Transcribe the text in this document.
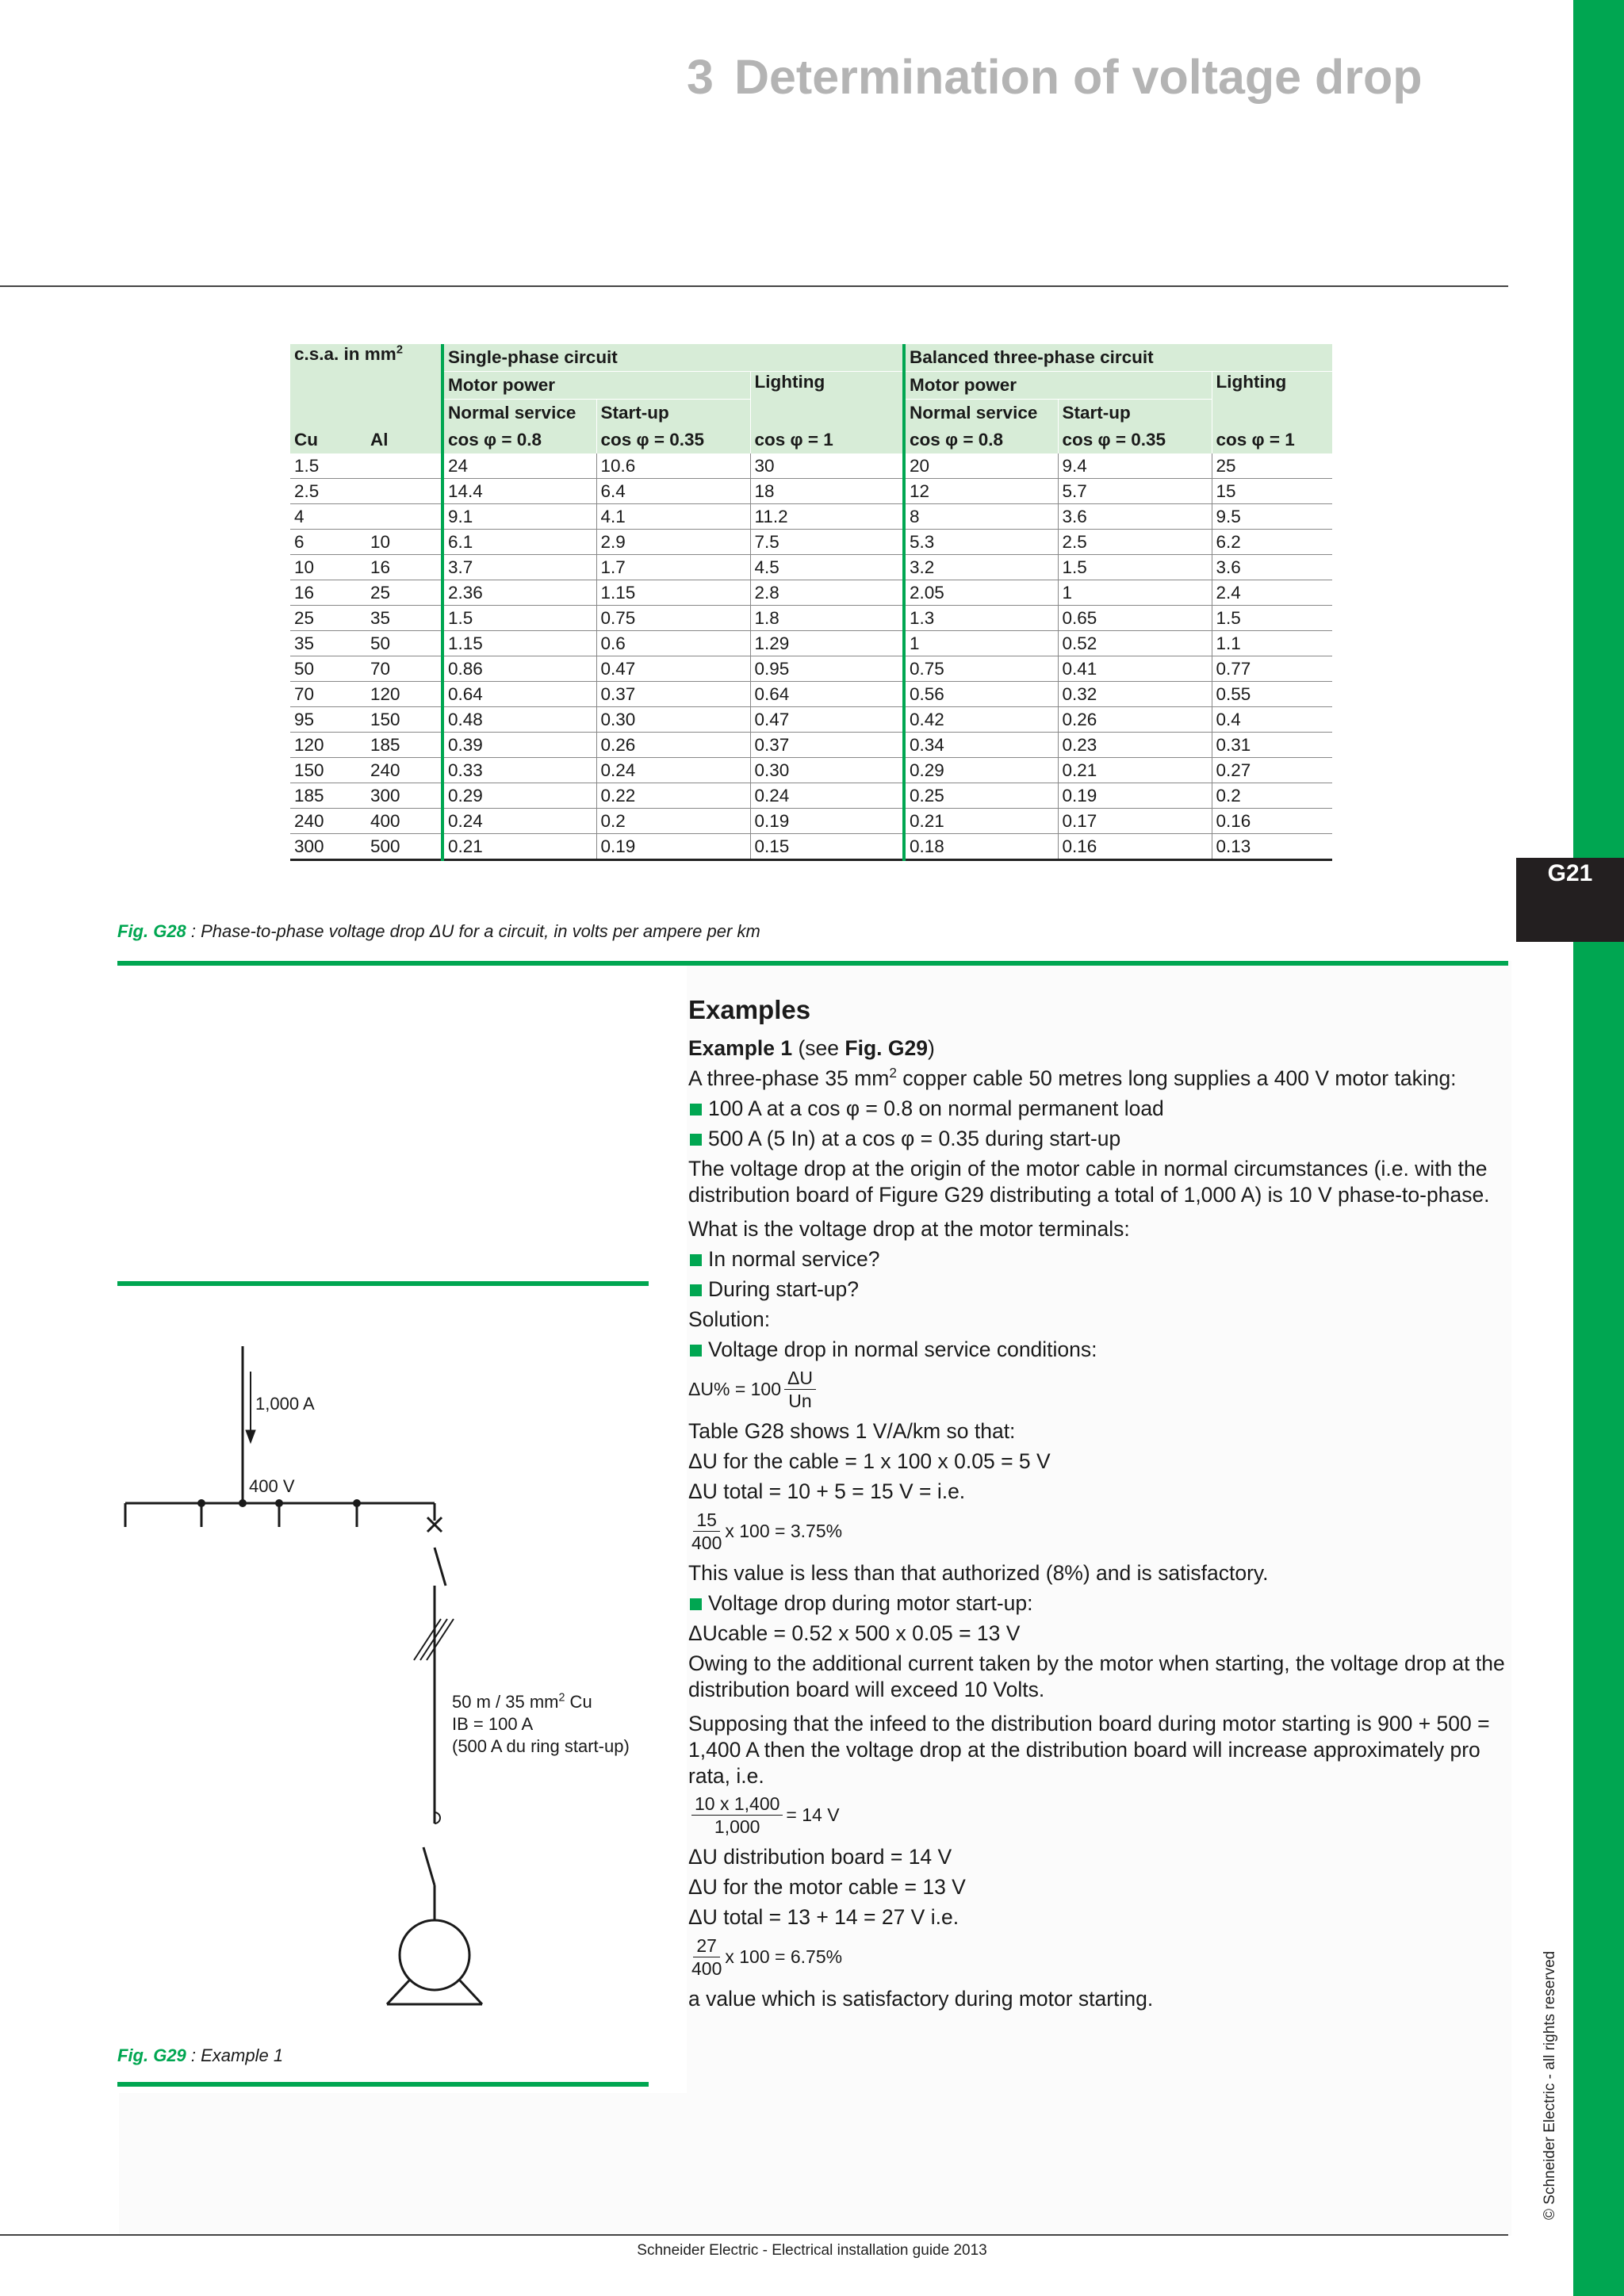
G21
© Schneider Electric - all rights reserved
3 Determination of voltage drop
c.s.a. in $mm^2$		Single-phase circuit			Balanced three-phase circuit		
		Motor power		Lighting	Motor power		Lighting
		Normal service	Start-up		Normal service	Start-up	
Cu	Al	cos φ = 0.8	cos φ = 0.35	cos φ = 1	cos φ = 0.8	cos φ = 0.35	cos φ = 1
1.5		24	10.6	30	20	9.4	25
2.5		14.4	6.4	18	12	5.7	15
4		9.1	4.1	11.2	8	3.6	9.5
6	10	6.1	2.9	7.5	5.3	2.5	6.2
10	16	3.7	1.7	4.5	3.2	1.5	3.6
16	25	2.36	1.15	2.8	2.05	1	2.4
25	35	1.5	0.75	1.8	1.3	0.65	1.5
35	50	1.15	0.6	1.29	1	0.52	1.1
50	70	0.86	0.47	0.95	0.75	0.41	0.77
70	120	0.64	0.37	0.64	0.56	0.32	0.55
95	150	0.48	0.30	0.47	0.42	0.26	0.4
120	185	0.39	0.26	0.37	0.34	0.23	0.31
150	240	0.33	0.24	0.30	0.29	0.21	0.27
185	300	0.29	0.22	0.24	0.25	0.19	0.2
240	400	0.24	0.2	0.19	0.21	0.17	0.16
300	500	0.21	0.19	0.15	0.18	0.16	0.13
Fig. G28 : Phase-to-phase voltage drop ΔU for a circuit, in volts per ampere per km
1,000 A
400 V
50 m / 35 $mm^2$ Cu
IB = 100 A
(500 A du ring start-up)
Fig. G29 : Example 1

Examples

Example 1 (see Fig. G29)
A three-phase 35 $mm^2$ copper cable 50 metres long supplies a 400 V motor taking:
100 A at a cos φ = 0.8 on normal permanent load
500 A (5 In) at a cos φ = 0.35 during start-up

The voltage drop at the origin of the motor cable in normal circumstances (i.e. with the distribution board of Figure G29 distributing a total of 1,000 A) is 10 V phase-to-phase.

What is the voltage drop at the motor terminals:
In normal service?
During start-up?
Solution:
Voltage drop in normal service conditions:
$\Delta U\% = 100 \frac{\Delta U}{Un}$
Table G28 shows 1 V/A/km so that:
ΔU for the cable = 1 x 100 x 0.05 = 5 V
ΔU total = 10 + 5 = 15 V = i.e.
$\frac{15}{400}$ x 100 = 3.75%
This value is less than that authorized (8%) and is satisfactory.
Voltage drop during motor start-up:
ΔUcable = 0.52 x 500 x 0.05 = 13 V

Owing to the additional current taken by the motor when starting, the voltage drop at the distribution board will exceed 10 Volts.

Supposing that the infeed to the distribution board during motor starting is 900 + 500 = 1,400 A then the voltage drop at the distribution board will increase approximately pro rata, i.e.

$\frac{10 x 1,400}{1,000} = 14$ V
ΔU distribution board = 14 V
ΔU for the motor cable = 13 V
ΔU total = 13 + 14 = 27 V i.e.
$\frac{27}{400}$ x 100 = 6.75%
a value which is satisfactory during motor starting.
Schneider Electric - Electrical installation guide 2013
